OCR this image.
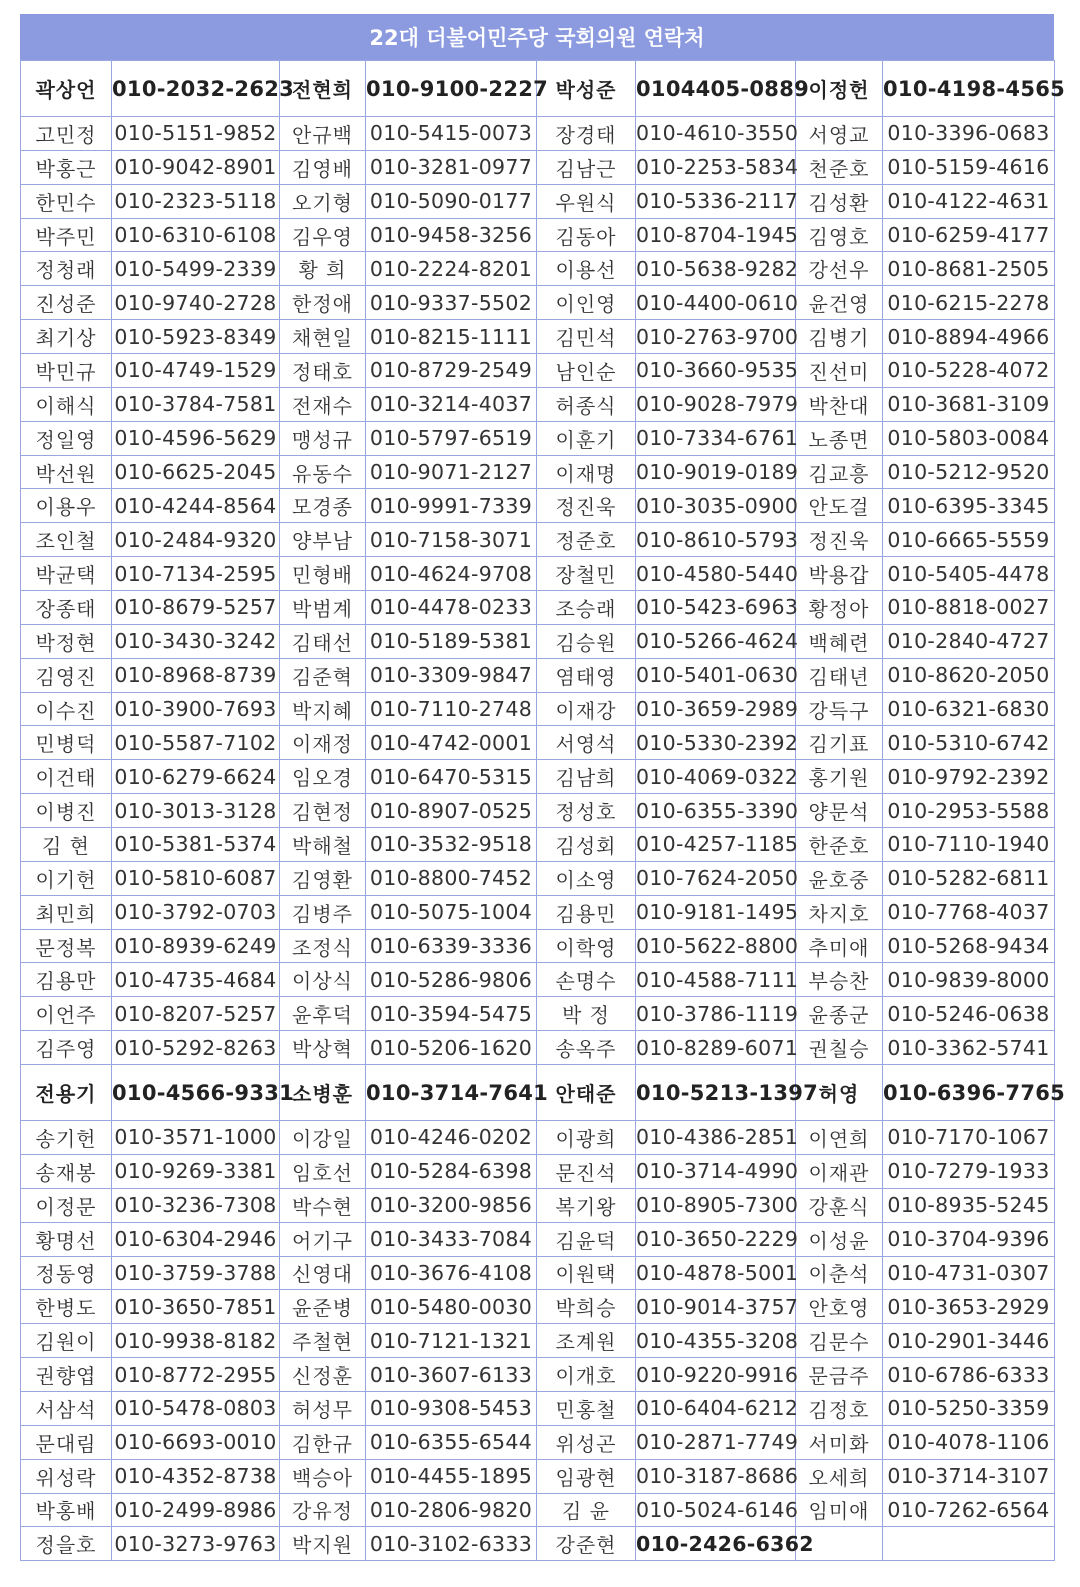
22대 더불어민주당 국회의원 연락처
곽상언	010-2032-2623	전현희	010-9100-2227	박성준	0104405-0889	이정헌	010-4198-4565
고민정	010-5151-9852	안규백	010-5415-0073	장경태	010-4610-3550	서영교	010-3396-0683
박홍근	010-9042-8901	김영배	010-3281-0977	김남근	010-2253-5834	천준호	010-5159-4616
한민수	010-2323-5118	오기형	010-5090-0177	우원식	010-5336-2117	김성환	010-4122-4631
박주민	010-6310-6108	김우영	010-9458-3256	김동아	010-8704-1945	김영호	010-6259-4177
정청래	010-5499-2339	황 희	010-2224-8201	이용선	010-5638-9282	강선우	010-8681-2505
진성준	010-9740-2728	한정애	010-9337-5502	이인영	010-4400-0610	윤건영	010-6215-2278
최기상	010-5923-8349	채현일	010-8215-1111	김민석	010-2763-9700	김병기	010-8894-4966
박민규	010-4749-1529	정태호	010-8729-2549	남인순	010-3660-9535	진선미	010-5228-4072
이해식	010-3784-7581	전재수	010-3214-4037	허종식	010-9028-7979	박찬대	010-3681-3109
정일영	010-4596-5629	맹성규	010-5797-6519	이훈기	010-7334-6761	노종면	010-5803-0084
박선원	010-6625-2045	유동수	010-9071-2127	이재명	010-9019-0189	김교흥	010-5212-9520
이용우	010-4244-8564	모경종	010-9991-7339	정진욱	010-3035-0900	안도걸	010-6395-3345
조인철	010-2484-9320	양부남	010-7158-3071	정준호	010-8610-5793	정진욱	010-6665-5559
박균택	010-7134-2595	민형배	010-4624-9708	장철민	010-4580-5440	박용갑	010-5405-4478
장종태	010-8679-5257	박범계	010-4478-0233	조승래	010-5423-6963	황정아	010-8818-0027
박정현	010-3430-3242	김태선	010-5189-5381	김승원	010-5266-4624	백혜련	010-2840-4727
김영진	010-8968-8739	김준혁	010-3309-9847	염태영	010-5401-0630	김태년	010-8620-2050
이수진	010-3900-7693	박지혜	010-7110-2748	이재강	010-3659-2989	강득구	010-6321-6830
민병덕	010-5587-7102	이재정	010-4742-0001	서영석	010-5330-2392	김기표	010-5310-6742
이건태	010-6279-6624	임오경	010-6470-5315	김남희	010-4069-0322	홍기원	010-9792-2392
이병진	010-3013-3128	김현정	010-8907-0525	정성호	010-6355-3390	양문석	010-2953-5588
김 현	010-5381-5374	박해철	010-3532-9518	김성회	010-4257-1185	한준호	010-7110-1940
이기헌	010-5810-6087	김영환	010-8800-7452	이소영	010-7624-2050	윤호중	010-5282-6811
최민희	010-3792-0703	김병주	010-5075-1004	김용민	010-9181-1495	차지호	010-7768-4037
문정복	010-8939-6249	조정식	010-6339-3336	이학영	010-5622-8800	추미애	010-5268-9434
김용만	010-4735-4684	이상식	010-5286-9806	손명수	010-4588-7111	부승찬	010-9839-8000
이언주	010-8207-5257	윤후덕	010-3594-5475	박 정	010-3786-1119	윤종군	010-5246-0638
김주영	010-5292-8263	박상혁	010-5206-1620	송옥주	010-8289-6071	권칠승	010-3362-5741
전용기	010-4566-9331	소병훈	010-3714-7641	안태준	010-5213-1397	허영	010-6396-7765
송기헌	010-3571-1000	이강일	010-4246-0202	이광희	010-4386-2851	이연희	010-7170-1067
송재봉	010-9269-3381	임호선	010-5284-6398	문진석	010-3714-4990	이재관	010-7279-1933
이정문	010-3236-7308	박수현	010-3200-9856	복기왕	010-8905-7300	강훈식	010-8935-5245
황명선	010-6304-2946	어기구	010-3433-7084	김윤덕	010-3650-2229	이성윤	010-3704-9396
정동영	010-3759-3788	신영대	010-3676-4108	이원택	010-4878-5001	이춘석	010-4731-0307
한병도	010-3650-7851	윤준병	010-5480-0030	박희승	010-9014-3757	안호영	010-3653-2929
김원이	010-9938-8182	주철현	010-7121-1321	조계원	010-4355-3208	김문수	010-2901-3446
권향엽	010-8772-2955	신정훈	010-3607-6133	이개호	010-9220-9916	문금주	010-6786-6333
서삼석	010-5478-0803	허성무	010-9308-5453	민홍철	010-6404-6212	김정호	010-5250-3359
문대림	010-6693-0010	김한규	010-6355-6544	위성곤	010-2871-7749	서미화	010-4078-1106
위성락	010-4352-8738	백승아	010-4455-1895	임광현	010-3187-8686	오세희	010-3714-3107
박홍배	010-2499-8986	강유정	010-2806-9820	김 윤	010-5024-6146	임미애	010-7262-6564
정을호	010-3273-9763	박지원	010-3102-6333	강준현	010-2426-6362		
